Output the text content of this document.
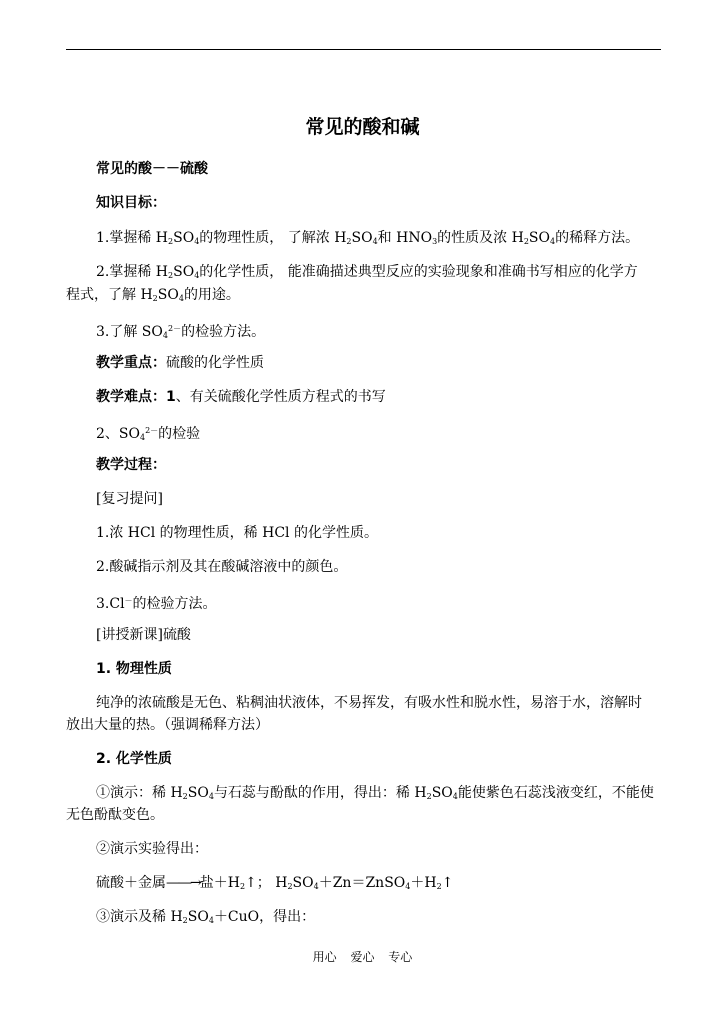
常见的酸和碱
常见的酸－－硫酸
知识目标：
1.掌握稀 $H_2SO_4$的物理性质， 了解浓 $H_2SO_4$和 $HNO_3$的性质及浓 $H_2SO_4$的稀释方法。
2.掌握稀 $H_2SO_4$的化学性质， 能准确描述典型反应的实验现象和准确书写相应的化学方
程式，了解 $H_2SO_4$的用途。
3.了解 $SO_4^{2-}$的检验方法。
教学重点：硫酸的化学性质
教学难点：1、有关硫酸化学性质方程式的书写
2、$SO_4^{2-}$的检验
教学过程：
[复习提问]
1.浓 HCl 的物理性质，稀 HCl 的化学性质。
2.酸碱指示剂及其在酸碱溶液中的颜色。
3.Cl－的检验方法。
[讲授新课]硫酸
1. 物理性质
纯净的浓硫酸是无色、粘稠油状液体，不易挥发，有吸水性和脱水性，易溶于水，溶解时
放出大量的热。（强调稀释方法）
2. 化学性质
①演示：稀 $H_2SO_4$与石蕊与酚酞的作用，得出：稀 $H_2SO_4$能使紫色石蕊浅液变红，不能使
无色酚酞变色。
②演示实验得出：
硫酸＋金属——→盐$+H_2↑$； $H_2SO_4+Zn=ZnSO_4+H_2↑$
③演示及稀 $H_2SO_4+CuO$，得出：
用心 爱心 专心
